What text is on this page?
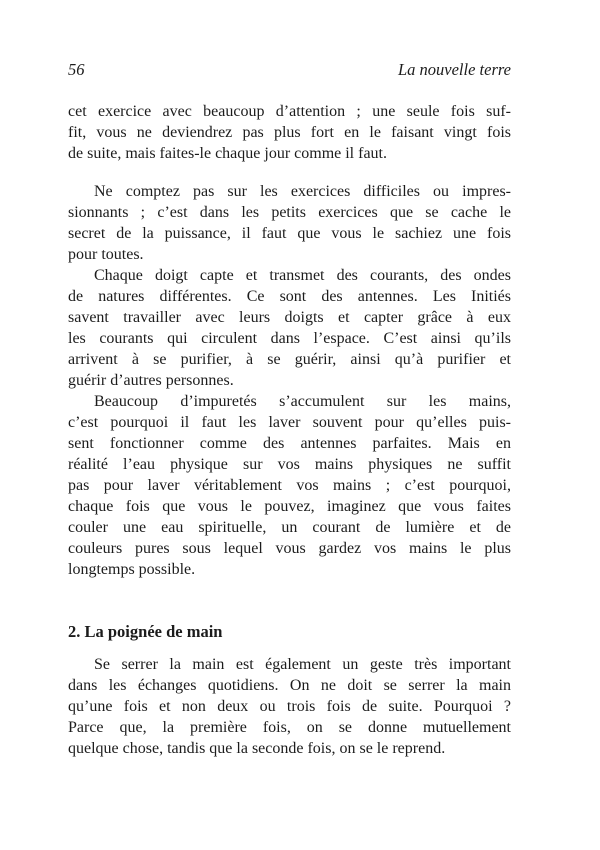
56	La nouvelle terre
cet exercice avec beaucoup d’attention ; une seule fois suf-
fit, vous ne deviendrez pas plus fort en le faisant vingt fois
de suite, mais faites-le chaque jour comme il faut.
Ne comptez pas sur les exercices difficiles ou impres-
sionnants ; c’est dans les petits exercices que se cache le
secret de la puissance, il faut que vous le sachiez une fois
pour toutes.
Chaque doigt capte et transmet des courants, des ondes
de natures différentes. Ce sont des antennes. Les Initiés
savent travailler avec leurs doigts et capter grâce à eux
les courants qui circulent dans l’espace. C’est ainsi qu’ils
arrivent à se purifier, à se guérir, ainsi qu’à purifier et
guérir d’autres personnes.
Beaucoup d’impuretés s’accumulent sur les mains,
c’est pourquoi il faut les laver souvent pour qu’elles puis-
sent fonctionner comme des antennes parfaites. Mais en
réalité l’eau physique sur vos mains physiques ne suffit
pas pour laver véritablement vos mains ; c’est pourquoi,
chaque fois que vous le pouvez, imaginez que vous faites
couler une eau spirituelle, un courant de lumière et de
couleurs pures sous lequel vous gardez vos mains le plus
longtemps possible.
2. La poignée de main
Se serrer la main est également un geste très important
dans les échanges quotidiens. On ne doit se serrer la main
qu’une fois et non deux ou trois fois de suite. Pourquoi ?
Parce que, la première fois, on se donne mutuellement
quelque chose, tandis que la seconde fois, on se le reprend.
